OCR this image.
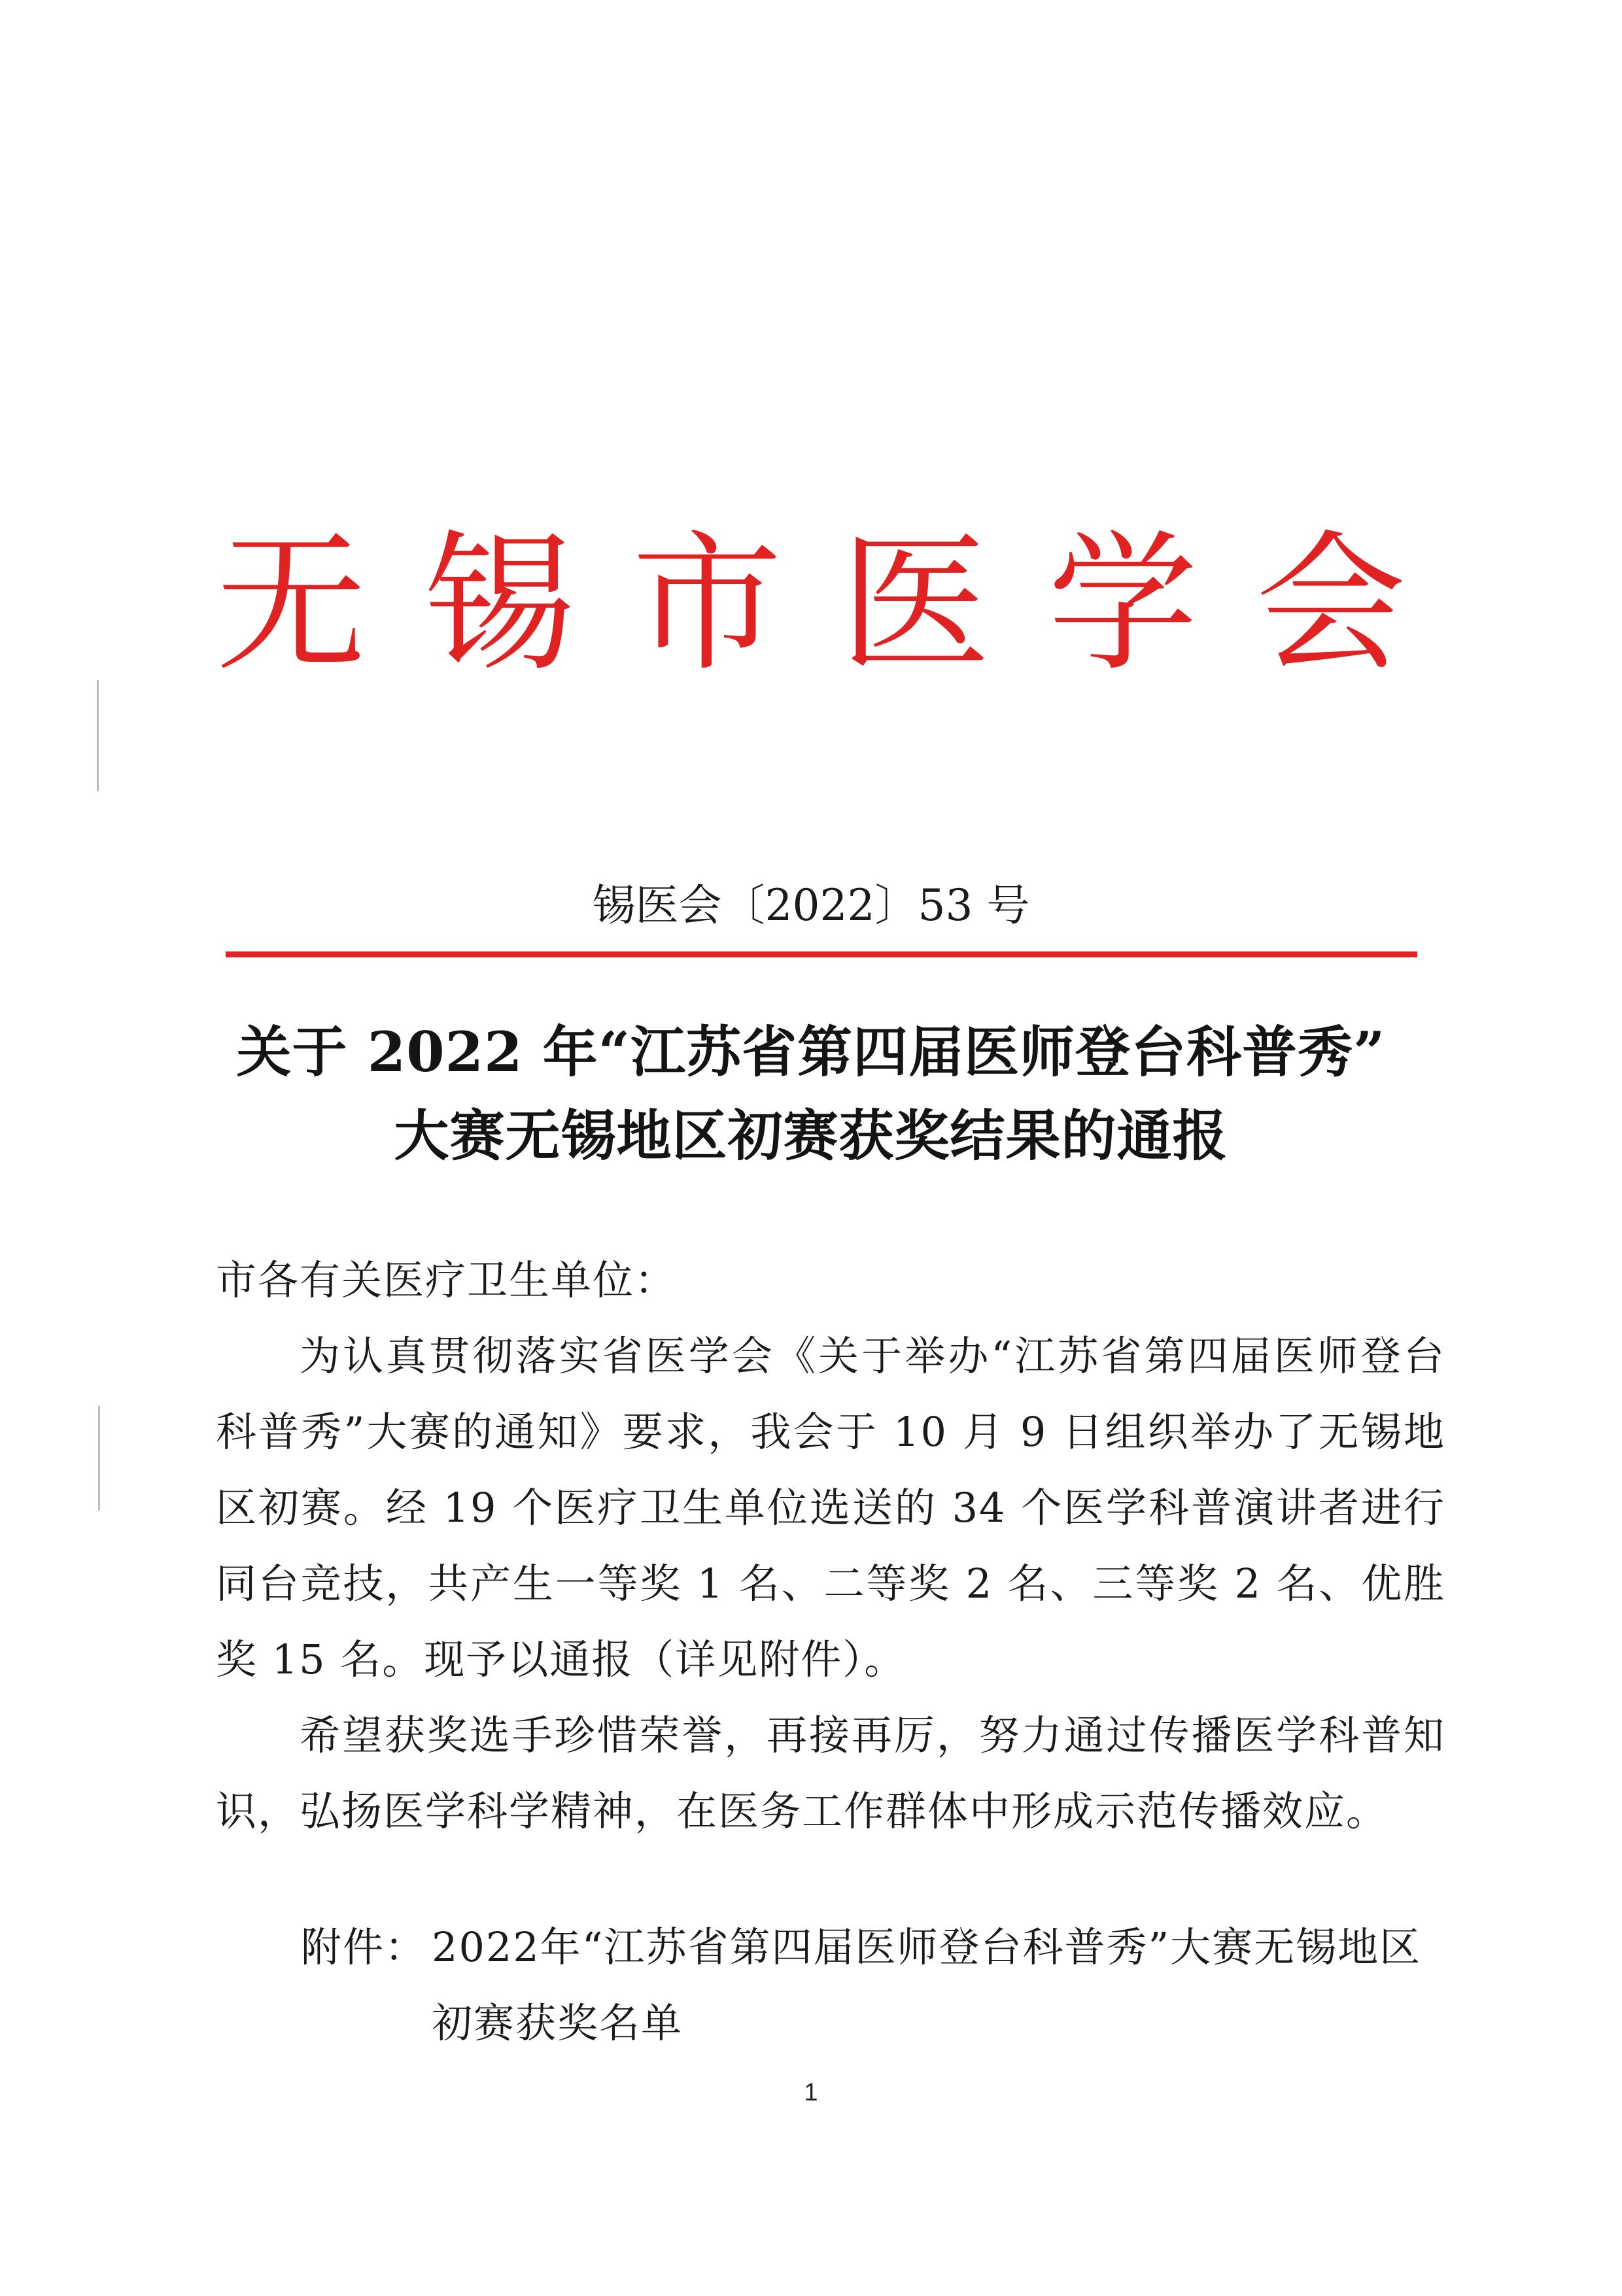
无 锡 市 医 学 会
锡医会〔2022〕53 号
关于 2022 年“江苏省第四届医师登台科普秀”
大赛无锡地区初赛获奖结果的通报

市各有关医疗卫生单位：

为认真贯彻落实省医学会《关于举办“江苏省第四届医师登台科普秀”大赛的通知》要求，我会于 10 月 9 日组织举办了无锡地区初赛。经 19 个医疗卫生单位选送的 34 个医学科普演讲者进行同台竞技，共产生一等奖 1 名、二等奖 2 名、三等奖 2 名、优胜奖 15 名。现予以通报（详见附件）。

希望获奖选手珍惜荣誉，再接再厉，努力通过传播医学科普知识，弘扬医学科学精神，在医务工作群体中形成示范传播效应。

附件： 2022年“江苏省第四届医师登台科普秀”大赛无锡地区初赛获奖名单
1
